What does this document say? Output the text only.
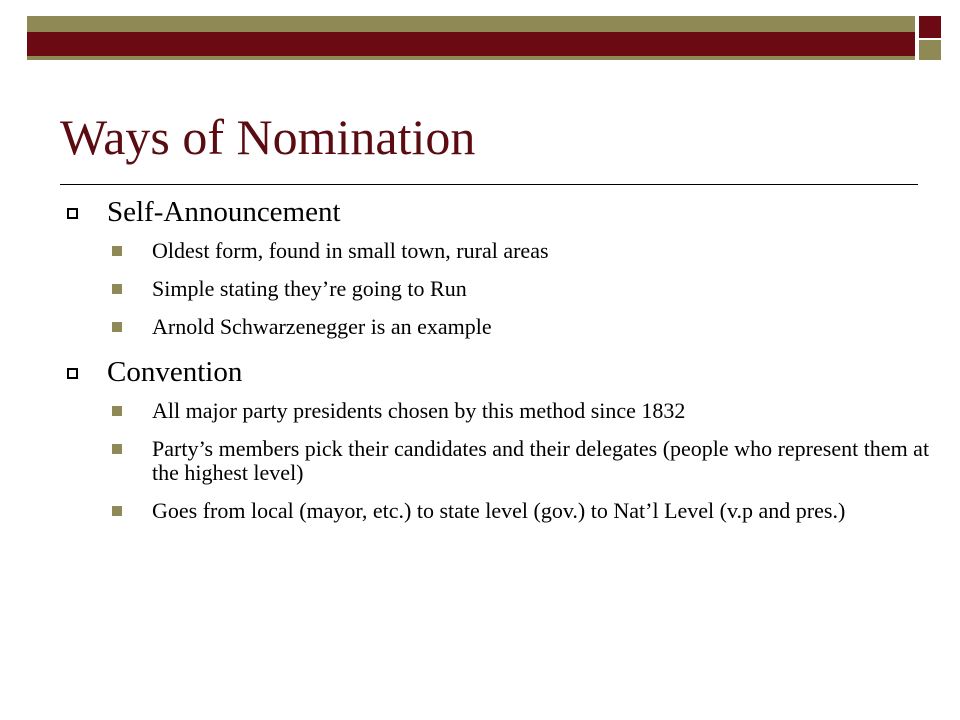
Ways of Nomination
Self-Announcement
Oldest form, found in small town, rural areas
Simple stating they’re going to Run
Arnold Schwarzenegger is an example
Convention
All major party presidents chosen by this method since 1832
Party’s members pick their candidates and their delegates (people who represent them at the highest level)
Goes from local (mayor, etc.) to state level (gov.) to Nat’l Level (v.p and pres.)
